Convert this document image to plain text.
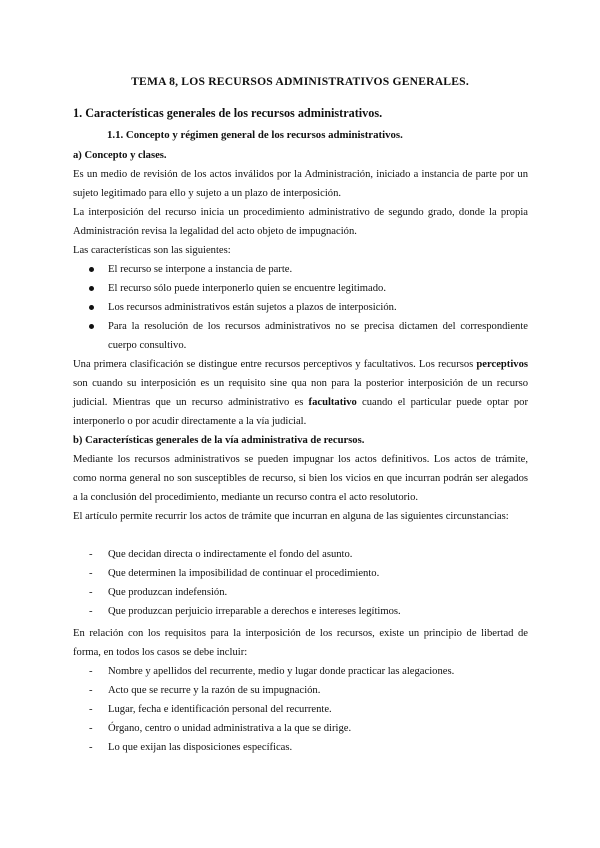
TEMA 8, LOS RECURSOS ADMINISTRATIVOS GENERALES.
1. Características generales de los recursos administrativos.
1.1. Concepto y régimen general de los recursos administrativos.
a) Concepto y clases.

Es un medio de revisión de los actos inválidos por la Administración, iniciado a instancia de parte por un sujeto legitimado para ello y sujeto a un plazo de interposición.

La interposición del recurso inicia un procedimiento administrativo de segundo grado, donde la propia Administración revisa la legalidad del acto objeto de impugnación.

Las características son las siguientes:

El recurso se interpone a instancia de parte.
El recurso sólo puede interponerlo quien se encuentre legitimado.
Los recursos administrativos están sujetos a plazos de interposición.
Para la resolución de los recursos administrativos no se precisa dictamen del correspondiente cuerpo consultivo.

Una primera clasificación se distingue entre recursos perceptivos y facultativos. Los recursos perceptivos son cuando su interposición es un requisito sine qua non para la posterior interposición de un recurso judicial. Mientras que un recurso administrativo es facultativo cuando el particular puede optar por interponerlo o por acudir directamente a la vía judicial.

b) Características generales de la vía administrativa de recursos.

Mediante los recursos administrativos se pueden impugnar los actos definitivos. Los actos de trámite, como norma general no son susceptibles de recurso, si bien los vicios en que incurran podrán ser alegados a la conclusión del procedimiento, mediante un recurso contra el acto resolutorio.

El artículo permite recurrir los actos de trámite que incurran en alguna de las siguientes circunstancias:

Que decidan directa o indirectamente el fondo del asunto.
Que determinen la imposibilidad de continuar el procedimiento.
Que produzcan indefensión.
Que produzcan perjuicio irreparable a derechos e intereses legítimos.

En relación con los requisitos para la interposición de los recursos, existe un principio de libertad de forma, en todos los casos se debe incluir:

Nombre y apellidos del recurrente, medio y lugar donde practicar las alegaciones.
Acto que se recurre y la razón de su impugnación.
Lugar, fecha e identificación personal del recurrente.
Órgano, centro o unidad administrativa a la que se dirige.
Lo que exijan las disposiciones específicas.
